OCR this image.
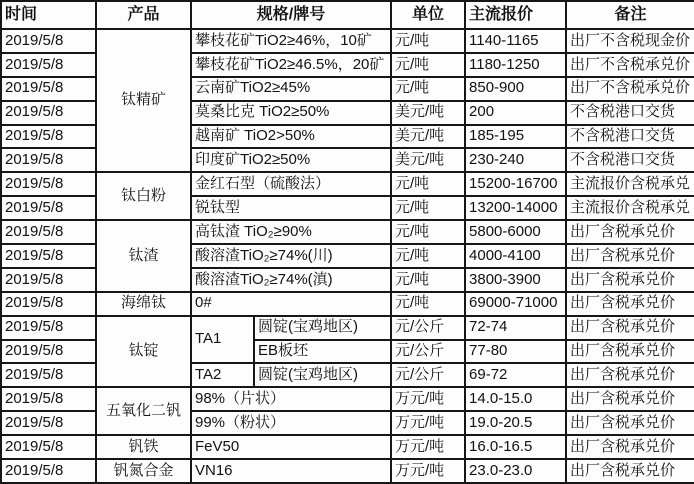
时间	产品	规格/牌号		单位	主流报价	备注
2019/5/8	钛精矿	攀枝花矿TiO2≥46%，10矿		元/吨	1140-1165	出厂不含税现金价
2019/5/8		攀枝花矿TiO2≥46.5%，20矿		元/吨	1180-1250	出厂不含税承兑价
2019/5/8		云南矿TiO2≥45%		元/吨	850-900	出厂不含税承兑价
2019/5/8		莫桑比克 TiO2≥50%		美元/吨	200	不含税港口交货
2019/5/8		越南矿 TiO2>50%		美元/吨	185-195	不含税港口交货
2019/5/8		印度矿TiO2≥50%		美元/吨	230-240	不含税港口交货
2019/5/8	钛白粉	金红石型（硫酸法）		元/吨	15200-16700	主流报价含税承兑
2019/5/8		锐钛型		元/吨	13200-14000	主流报价含税承兑
2019/5/8	钛渣	高钛渣 TiO₂≥90%		元/吨	5800-6000	出厂含税承兑价
2019/5/8		酸溶渣TiO₂≥74%(川)		元/吨	4000-4100	出厂含税承兑价
2019/5/8		酸溶渣TiO₂≥74%(滇)		元/吨	3800-3900	出厂含税承兑价
2019/5/8	海绵钛	0#		元/吨	69000-71000	出厂含税承兑价
2019/5/8	钛锭	TA1	圆锭(宝鸡地区)	元/公斤	72-74	出厂含税承兑价
2019/5/8			EB板坯	元/公斤	77-80	出厂含税承兑价
2019/5/8		TA2	圆锭(宝鸡地区)	元/公斤	69-72	出厂含税承兑价
2019/5/8	五氧化二钒	98%（片状）		万元/吨	14.0-15.0	出厂含税承兑价
2019/5/8		99%（粉状）		万元/吨	19.0-20.5	出厂含税承兑价
2019/5/8	钒铁	FeV50		万元/吨	16.0-16.5	出厂含税承兑价
2019/5/8	钒氮合金	VN16		万元/吨	23.0-23.0	出厂含税承兑价
